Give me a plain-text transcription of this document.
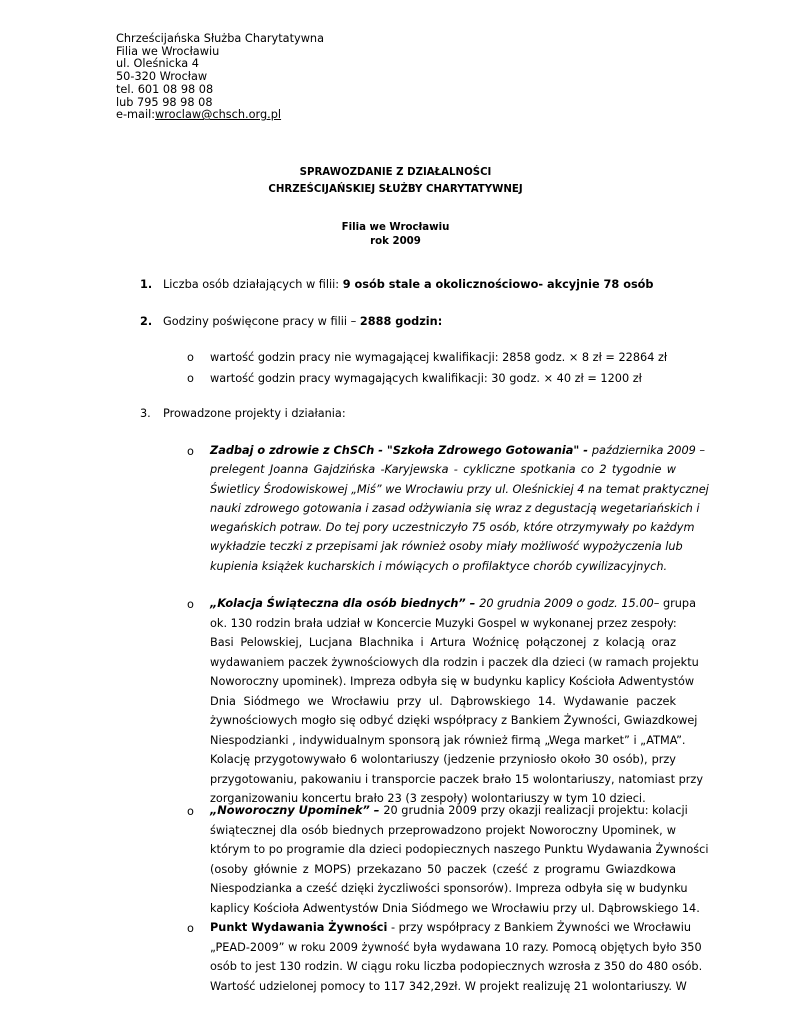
Chrześcijańska Służba Charytatywna
Filia we Wrocławiu
ul. Oleśnicka 4
50-320 Wrocław
tel. 601 08 98 08
lub 795 98 98 08
e-mail:wroclaw@chsch.org.pl
SPRAWOZDANIE Z DZIAŁALNOŚCI
CHRZEŚCIJAŃSKIEJ SŁUŻBY CHARYTATYWNEJ
Filia we Wrocławiu
rok 2009
1. Liczba osób działających w filii: 9 osób stale a okolicznościowo- akcyjnie 78 osób
2. Godziny poświęcone pracy w filii – 2888 godzin:
o wartość godzin pracy nie wymagającej kwalifikacji: 2858 godz. × 8 zł = 22864 zł
o wartość godzin pracy wymagających kwalifikacji: 30 godz. × 40 zł = 1200 zł
3. Prowadzone projekty i działania:
o Zadbaj o zdrowie z ChSCh - "Szkoła Zdrowego Gotowania" - października 2009 –
prelegent Joanna Gajdzińska -Karyjewska - cykliczne spotkania co 2 tygodnie w
Świetlicy Środowiskowej „Miś” we Wrocławiu przy ul. Oleśnickiej 4 na temat praktycznej
nauki zdrowego gotowania i zasad odżywiania się wraz z degustacją wegetariańskich i
wegańskich potraw. Do tej pory uczestniczyło 75 osób, które otrzymywały po każdym
wykładzie teczki z przepisami jak również osoby miały możliwość wypożyczenia lub
kupienia książek kucharskich i mówiących o profilaktyce chorób cywilizacyjnych.
o „Kolacja Świąteczna dla osób biednych” – 20 grudnia 2009 o godz. 15.00– grupa
ok. 130 rodzin brała udział w Koncercie Muzyki Gospel w wykonanej przez zespoły:
Basi Pelowskiej, Lucjana Blachnika i Artura Woźnicę połączonej z kolacją oraz
wydawaniem paczek żywnościowych dla rodzin i paczek dla dzieci (w ramach projektu
Noworoczny upominek). Impreza odbyła się w budynku kaplicy Kościoła Adwentystów
Dnia Siódmego we Wrocławiu przy ul. Dąbrowskiego 14. Wydawanie paczek
żywnościowych mogło się odbyć dzięki współpracy z Bankiem Żywności, Gwiazdkowej
Niespodzianki , indywidualnym sponsorą jak również firmą „Wega market” i „ATMA”.
Kolację przygotowywało 6 wolontariuszy (jedzenie przyniosło około 30 osób), przy
przygotowaniu, pakowaniu i transporcie paczek brało 15 wolontariuszy, natomiast przy
zorganizowaniu koncertu brało 23 (3 zespoły) wolontariuszy w tym 10 dzieci.
o „Noworoczny Upominek” – 20 grudnia 2009 przy okazji realizacji projektu: kolacji
świątecznej dla osób biednych przeprowadzono projekt Noworoczny Upominek, w
którym to po programie dla dzieci podopiecznych naszego Punktu Wydawania Żywności
(osoby głównie z MOPS) przekazano 50 paczek (cześć z programu Gwiazdkowa
Niespodzianka a cześć dzięki życzliwości sponsorów). Impreza odbyła się w budynku
kaplicy Kościoła Adwentystów Dnia Siódmego we Wrocławiu przy ul. Dąbrowskiego 14.
o Punkt Wydawania Żywności - przy współpracy z Bankiem Żywności we Wrocławiu
„PEAD-2009” w roku 2009 żywność była wydawana 10 razy. Pomocą objętych było 350
osób to jest 130 rodzin. W ciągu roku liczba podopiecznych wzrosła z 350 do 480 osób.
Wartość udzielonej pomocy to 117 342,29zł. W projekt realizuję 21 wolontariuszy. W
